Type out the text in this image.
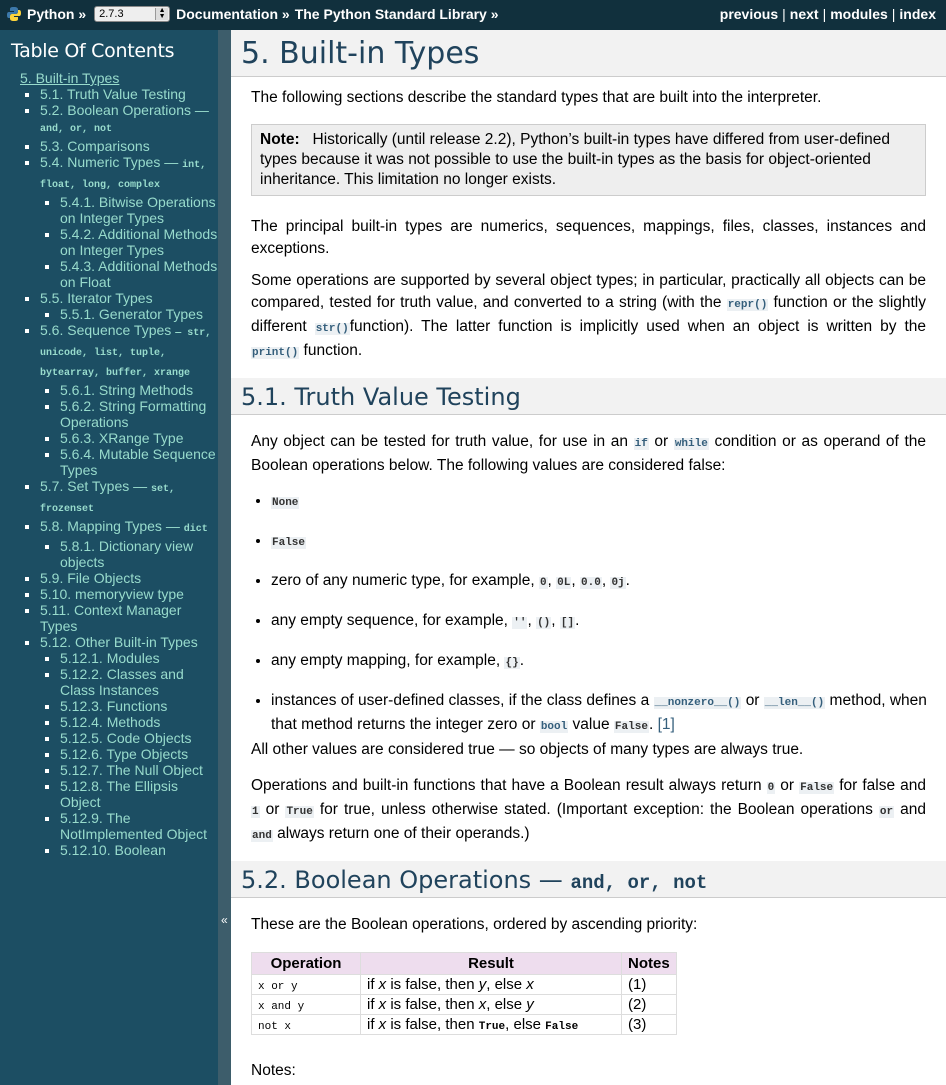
Python » 2.7.3	▲
▼ Documentation » The Python Standard Library »	previous | next | modules | index
Table Of Contents
5. Built-in Types
▪ 5.1. Truth Value Testing
▪ 5.2. Boolean Operations — and, or, not
▪ 5.3. Comparisons
▪ 5.4. Numeric Types — int, float, long, complex
▪ 5.4.1. Bitwise Operations on Integer Types
▪ 5.4.2. Additional Methods on Integer Types
▪ 5.4.3. Additional Methods on Float
▪ 5.5. Iterator Types
▪ 5.5.1. Generator Types
▪ 5.6. Sequence Types — str, unicode, list, tuple, bytearray, buffer, xrange
▪ 5.6.1. String Methods
▪ 5.6.2. String Formatting Operations
▪ 5.6.3. XRange Type
▪ 5.6.4. Mutable Sequence Types
▪ 5.7. Set Types — set, frozenset
▪ 5.8. Mapping Types — dict
▪ 5.8.1. Dictionary view objects
▪ 5.9. File Objects
▪ 5.10. memoryview type
▪ 5.11. Context Manager Types
▪ 5.12. Other Built-in Types
▪ 5.12.1. Modules
▪ 5.12.2. Classes and Class Instances
▪ 5.12.3. Functions
▪ 5.12.4. Methods
▪ 5.12.5. Code Objects
▪ 5.12.6. Type Objects
▪ 5.12.7. The Null Object
▪ 5.12.8. The Ellipsis Object
▪ 5.12.9. The NotImplemented Object
▪ 5.12.10. Boolean
«
5. Built-in Types
The following sections describe the standard types that are built into the interpreter.
Note: Historically (until release 2.2), Python’s built-in types have differed from user-defined types because it was not possible to use the built-in types as the basis for object-oriented inheritance. This limitation no longer exists.
The principal built-in types are numerics, sequences, mappings, files, classes, instances and exceptions.
Some operations are supported by several object types; in particular, practically all objects can be compared, tested for truth value, and converted to a string (with the repr() function or the slightly different str()function). The latter function is implicitly used when an object is written by the print() function.
5.1. Truth Value Testing
Any object can be tested for truth value, for use in an if or while condition or as operand of the Boolean operations below. The following values are considered false:
• None
• False
• zero of any numeric type, for example, 0, 0L, 0.0, 0j.
• any empty sequence, for example, '', (), [].
• any empty mapping, for example, {}.
• instances of user-defined classes, if the class defines a __nonzero__() or __len__() method, when that method returns the integer zero or bool value False. [1]
All other values are considered true — so objects of many types are always true.
Operations and built-in functions that have a Boolean result always return 0 or False for false and 1 or True for true, unless otherwise stated. (Important exception: the Boolean operations or and and always return one of their operands.)
5.2. Boolean Operations — and, or, not
These are the Boolean operations, ordered by ascending priority:
Operation	Result	Notes
x or y	if x is false, then y, else x	(1)
x and y	if x is false, then x, else y	(2)
not x	if x is false, then True, else False	(3)
Notes:
